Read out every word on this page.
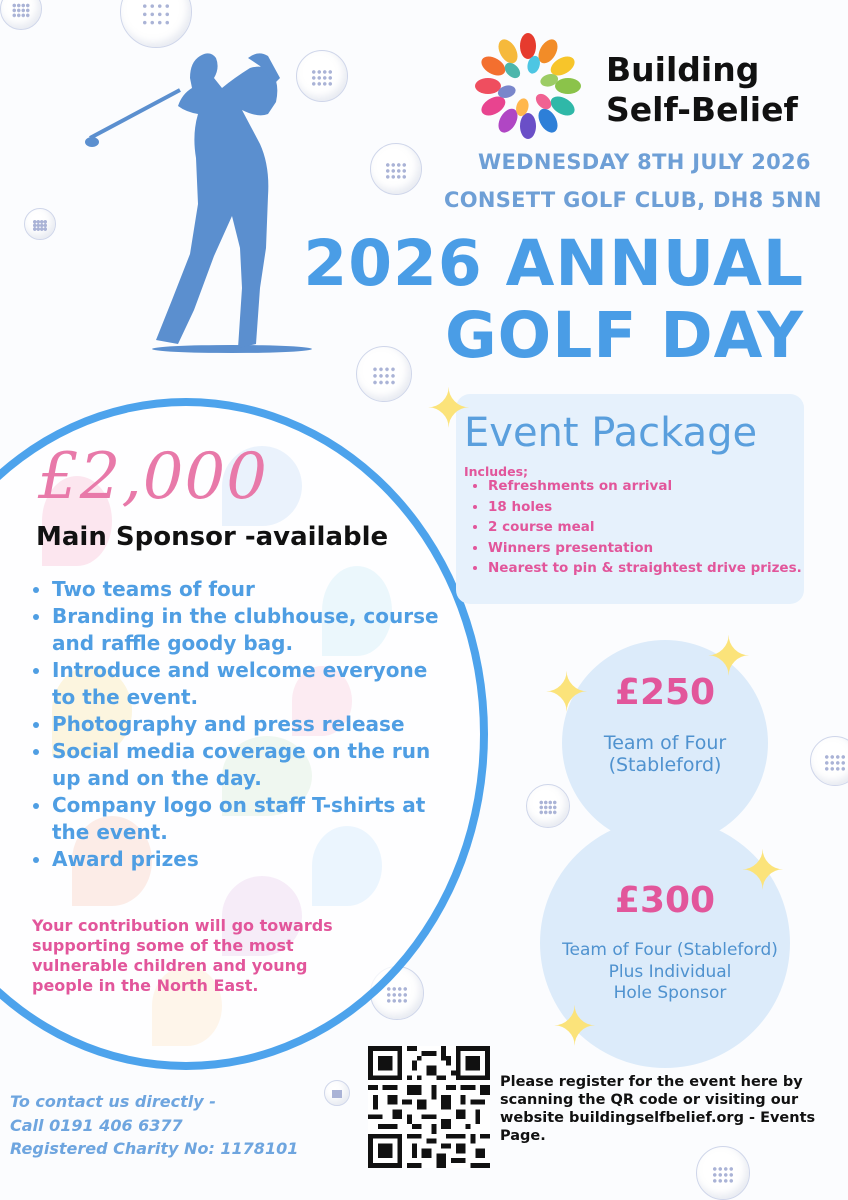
Building
Self-Belief
WEDNESDAY 8TH JULY 2026
CONSETT GOLF CLUB, DH8 5NN
2026 ANNUAL
GOLF DAY
£2,000
Main Sponsor -available
• Two teams of four
• Branding in the clubhouse, course and raffle goody bag.
• Introduce and welcome everyone to the event.
• Photography and press release
• Social media coverage on the run up and on the day.
• Company logo on staff T-shirts at the event.
• Award prizes
Your contribution will go towards supporting some of the most vulnerable children and young people in the North East.
Event Package
Includes;
• Refreshments on arrival
• 18 holes
• 2 course meal
• Winners presentation
• Nearest to pin & straightest drive prizes.
✦
£250
Team of Four
(Stableford)
£300
Team of Four (Stableford)
Plus Individual
Hole Sponsor
✦
✦
✦
✦
To contact us directly -
Call 0191 406 6377
Registered Charity No: 1178101
Please register for the event here by scanning the QR code or visiting our website buildingselfbelief.org - Events Page.
